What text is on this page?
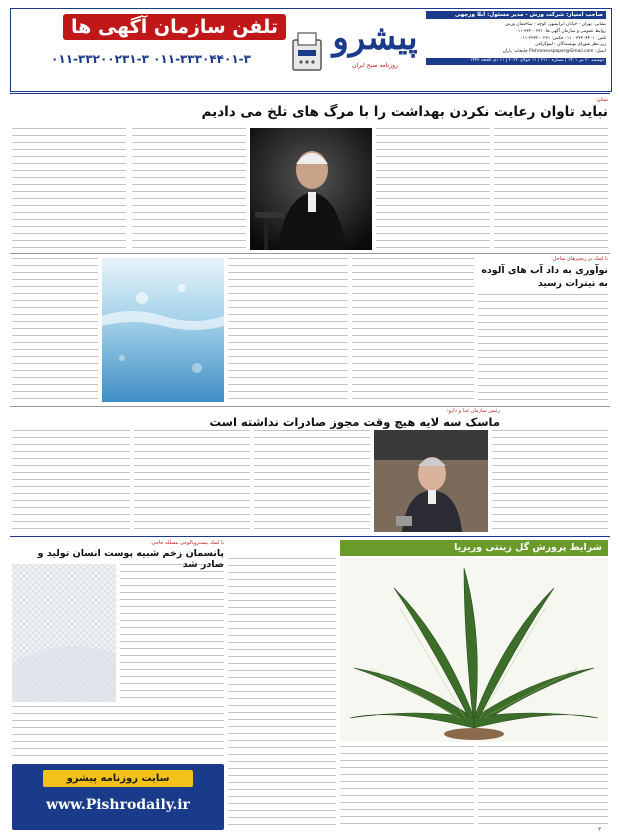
تلفن سازمان آگهی ها
۰۱۱-۳۳۳۰۴۴۰۱-۳ ۰۱۱-۳۳۲۰۰۲۳۱-۳
پیشرو
روزنامه صبح ایران
صاحب امتیاز: شرکت ورش - مدیر مسئول: ابلا ورچهی
نشانی: تهران - خیابان ایرانشهر، کوچه - ساختمان ورش
روابط عمومی و سازمان آگهی ها: ۳۳۲۰۰۲۳۱-۰۱۱
تلفن: ۳۳۳۰۴۴۰۱ - ۰۱۱ فکس: ۳۳۳۲۰۰۲۳۱-۰۱۱
زیر نظر شورای نویسندگان - لیتوگرافی
ایمیل: Pishronevspaper@Gmail.com چاپخانه: پاران
دوشنبه ۲۰ تیر ۱۴۰۱ | شماره ۳۱۱۰ | ۱۱ جولای ۲۰۲۲ | ۱۱ ذی الحجه ۱۴۴۳
نمکی:
نباید تاوان رعایت نکردن بهداشت را با مرگ های تلخ می دادیم
با کمک بر زنجیرهای ساحل:
نوآوری به داد آب های آلوده به نیترات رسید
رئیس سازمان غذا و دارو:
ماسک سه لایه هیچ وقت مجوز صادرات نداشته است
شرایط پرورش گل زینتی وریزیا
با کمک بیستروپالوجی مسلله حاجی:
پانسمان زخم شبیه پوست انسان تولید و صادر شد
سایت روزنامه پیشرو
www.Pishrodaily.ir
۳
